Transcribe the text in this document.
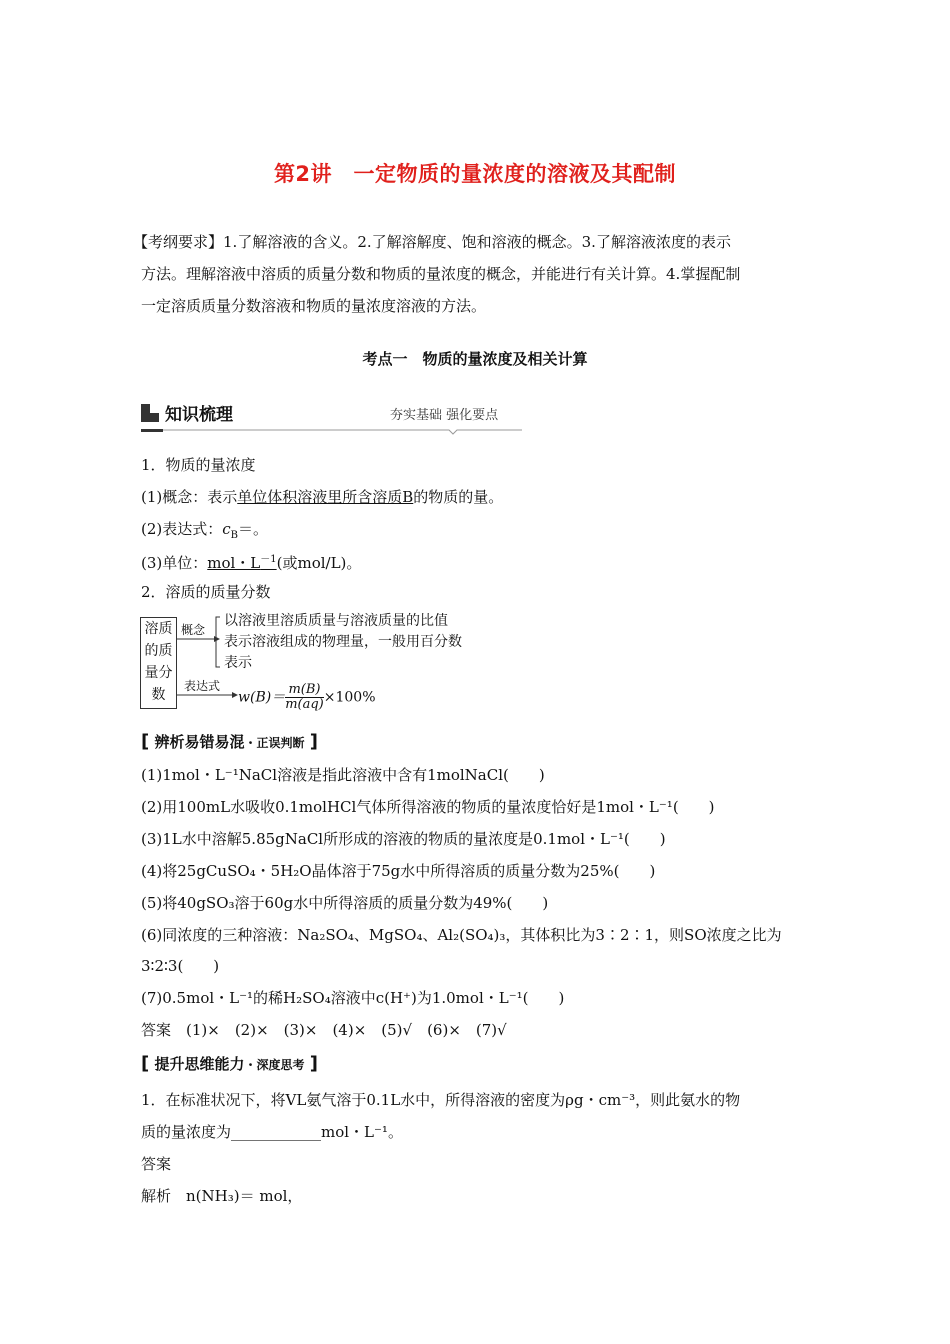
第2讲　一定物质的量浓度的溶液及其配制
【考纲要求】1.了解溶液的含义。2.了解溶解度、饱和溶液的概念。3.了解溶液浓度的表示
方法。理解溶液中溶质的质量分数和物质的量浓度的概念，并能进行有关计算。4.掌握配制
一定溶质质量分数溶液和物质的量浓度溶液的方法。
考点一　物质的量浓度及相关计算
知识梳理	夯实基础 强化要点
1．物质的量浓度
(1)概念：表示单位体积溶液里所含溶质B的物质的量。
(2)表达式：$c_B=$。
(3)单位：mol・$L^{-1}$(或mol/L)。
2．溶质的质量分数
溶质
的质
量分
数
概念
以溶液里溶质质量与溶液质量的比值
表示溶液组成的物理量，一般用百分数
表示
表达式
$w(B)= \frac{m(B)}{m(aq)} \times 100\%$
[ 辨析易错易混・正误判断 ]
(1)1mol・L⁻¹NaCl溶液是指此溶液中含有1molNaCl(　　)
(2)用100mL水吸收0.1molHCl气体所得溶液的物质的量浓度恰好是1mol・L⁻¹(　　)
(3)1L水中溶解5.85gNaCl所形成的溶液的物质的量浓度是0.1mol・L⁻¹(　　)
(4)将25gCuSO₄・5H₂O晶体溶于75g水中所得溶质的质量分数为25%(　　)
(5)将40gSO₃溶于60g水中所得溶质的质量分数为49%(　　)
(6)同浓度的三种溶液：Na₂SO₄、MgSO₄、Al₂(SO₄)₃，其体积比为3∶2∶1，则SO浓度之比为
3∶2∶3(　　)
(7)0.5mol・L⁻¹的稀H₂SO₄溶液中c(H⁺)为1.0mol・L⁻¹(　　)
答案　(1)×　(2)×　(3)×　(4)×　(5)√　(6)×　(7)√
[ 提升思维能力・深度思考 ]
1．在标准状况下，将VL氨气溶于0.1L水中，所得溶液的密度为ρg・cm⁻³，则此氨水的物
质的量浓度为____________mol・L⁻¹。
答案
解析　n(NH₃)＝ mol，
